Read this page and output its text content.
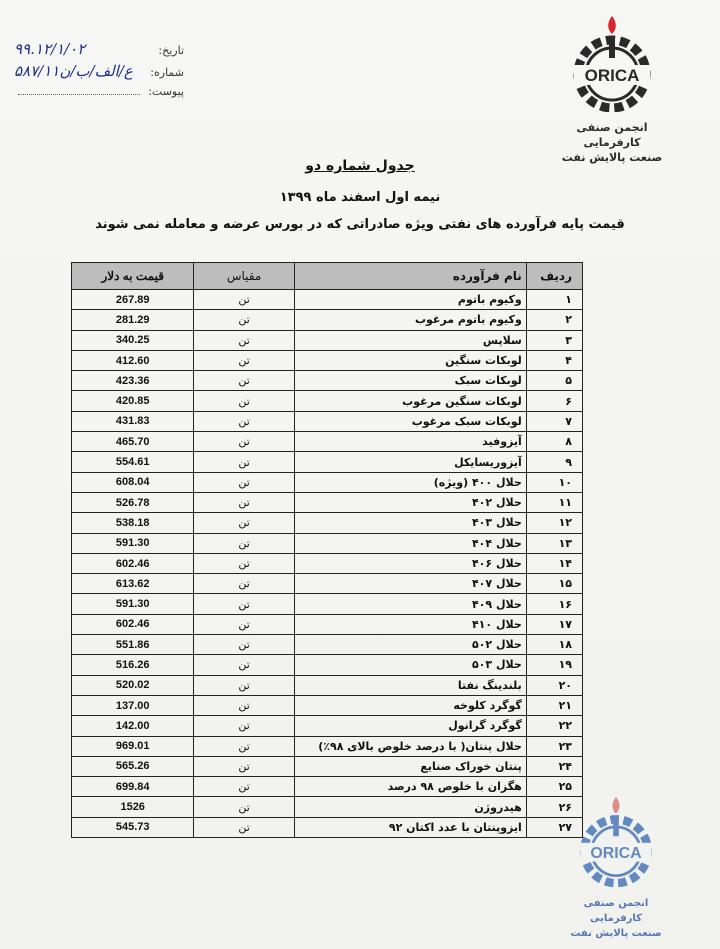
تاریخ:
۹۹.۱۲/۱/۰۲
شماره:
۵۸۷/۱۱ع/الف/ب/ن
پیوست:
ORICA
انجمن صنفی کارفرمایی
صنعت پالایش نفت
جدول شماره دو
نیمه اول اسفند ماه ۱۳۹۹
قیمت پایه فرآورده های نفتی ویژه صادراتی که در بورس عرضه و معامله نمی شوند
ردیف	نام فرآورده	مقیاس	قیمت به دلار
۱	وکیوم باتوم	تن	267.89
۲	وکیوم باتوم مرغوب	تن	281.29
۳	سلاپس	تن	340.25
۴	لوبکات سنگین	تن	412.60
۵	لوبکات سبک	تن	423.36
۶	لوبکات سنگین مرغوب	تن	420.85
۷	لوبکات سبک مرغوب	تن	431.83
۸	آیزوفید	تن	465.70
۹	آیزوریسایکل	تن	554.61
۱۰	حلال ۴۰۰ (ویژه)	تن	608.04
۱۱	حلال ۴۰۲	تن	526.78
۱۲	حلال ۴۰۳	تن	538.18
۱۳	حلال ۴۰۴	تن	591.30
۱۴	حلال ۴۰۶	تن	602.46
۱۵	حلال ۴۰۷	تن	613.62
۱۶	حلال ۴۰۹	تن	591.30
۱۷	حلال ۴۱۰	تن	602.46
۱۸	حلال ۵۰۲	تن	551.86
۱۹	حلال ۵۰۳	تن	516.26
۲۰	بلندینگ نفتا	تن	520.02
۲۱	گوگرد کلوخه	تن	137.00
۲۲	گوگرد گرانول	تن	142.00
۲۳	حلال پنتان( با درصد خلوص بالای ۹۸٪)	تن	969.01
۲۴	پنتان خوراک صنایع	تن	565.26
۲۵	هگزان با خلوص ۹۸ درصد	تن	699.84
۲۶	هیدروژن	تن	1526
۲۷	ایزوپنتان با عدد اکتان ۹۲	تن	545.73
ORICA
انجمن صنفی کارفرمایی
صنعت پالایش نفت
